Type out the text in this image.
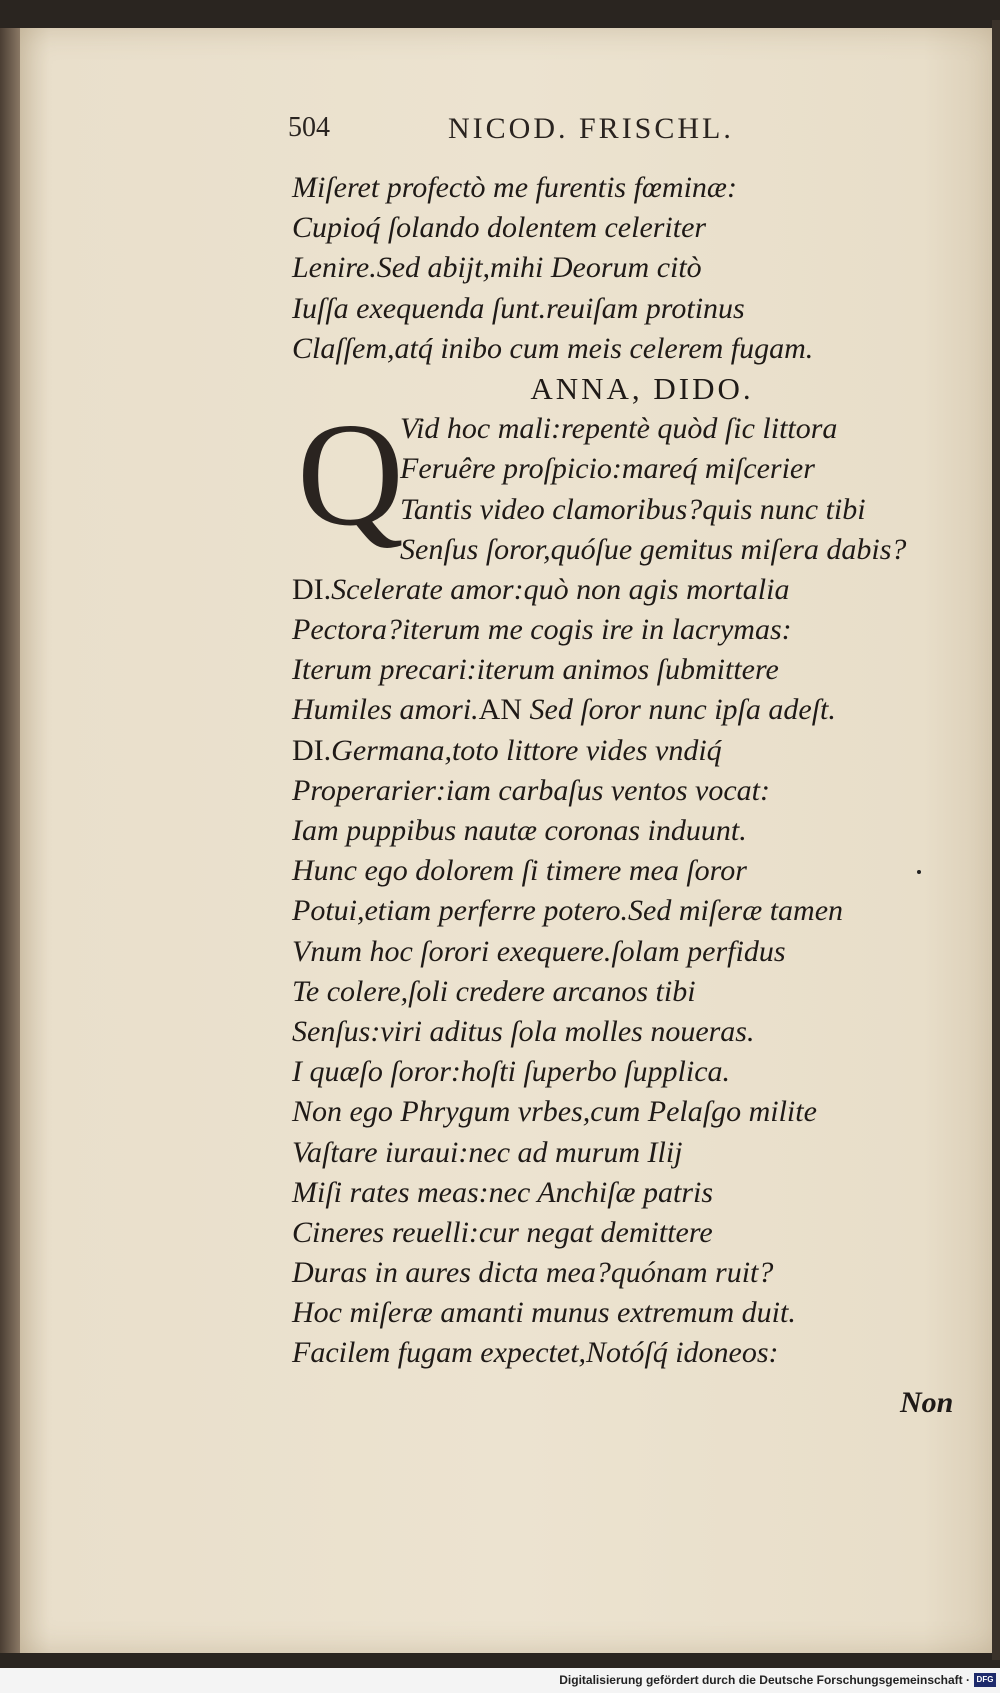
504	NICOD. FRISCHL.
Miſeret profectò me furentis fœminæ:
Cupioq́ ſolando dolentem celeriter
Lenire.Sed abijt,mihi Deorum citò
Iuſſa exequenda ſunt.reuiſam protinus
Claſſem,atq́ inibo cum meis celerem fugam.
ANNA, DIDO.
Q
Vid hoc mali:repentè quòd ſic littora
Feruêre proſpicio:mareq́ miſcerier
Tantis video clamoribus?quis nunc tibi
Senſus ſoror,quóſue gemitus miſera dabis?
DI.Scelerate amor:quò non agis mortalia
Pectora?iterum me cogis ire in lacrymas:
Iterum precari:iterum animos ſubmittere
Humiles amori.AN Sed ſoror nunc ipſa adeſt.
DI.Germana,toto littore vides vndiq́
Properarier:iam carbaſus ventos vocat:
Iam puppibus nautæ coronas induunt.
Hunc ego dolorem ſi timere mea ſoror
Potui,etiam perferre potero.Sed miſeræ tamen
Vnum hoc ſorori exequere.ſolam perfidus
Te colere,ſoli credere arcanos tibi
Senſus:viri aditus ſola molles noueras.
I quæſo ſoror:hoſti ſuperbo ſupplica.
Non ego Phrygum vrbes,cum Pelaſgo milite
Vaſtare iuraui:nec ad murum Ilij
Miſi rates meas:nec Anchiſæ patris
Cineres reuelli:cur negat demittere
Duras in aures dicta mea?quónam ruit?
Hoc miſeræ amanti munus extremum duit.
Facilem fugam expectet,Notóſq́ idoneos:
Non
Digitalisierung gefördert durch die Deutsche Forschungsgemeinschaft · DFG
